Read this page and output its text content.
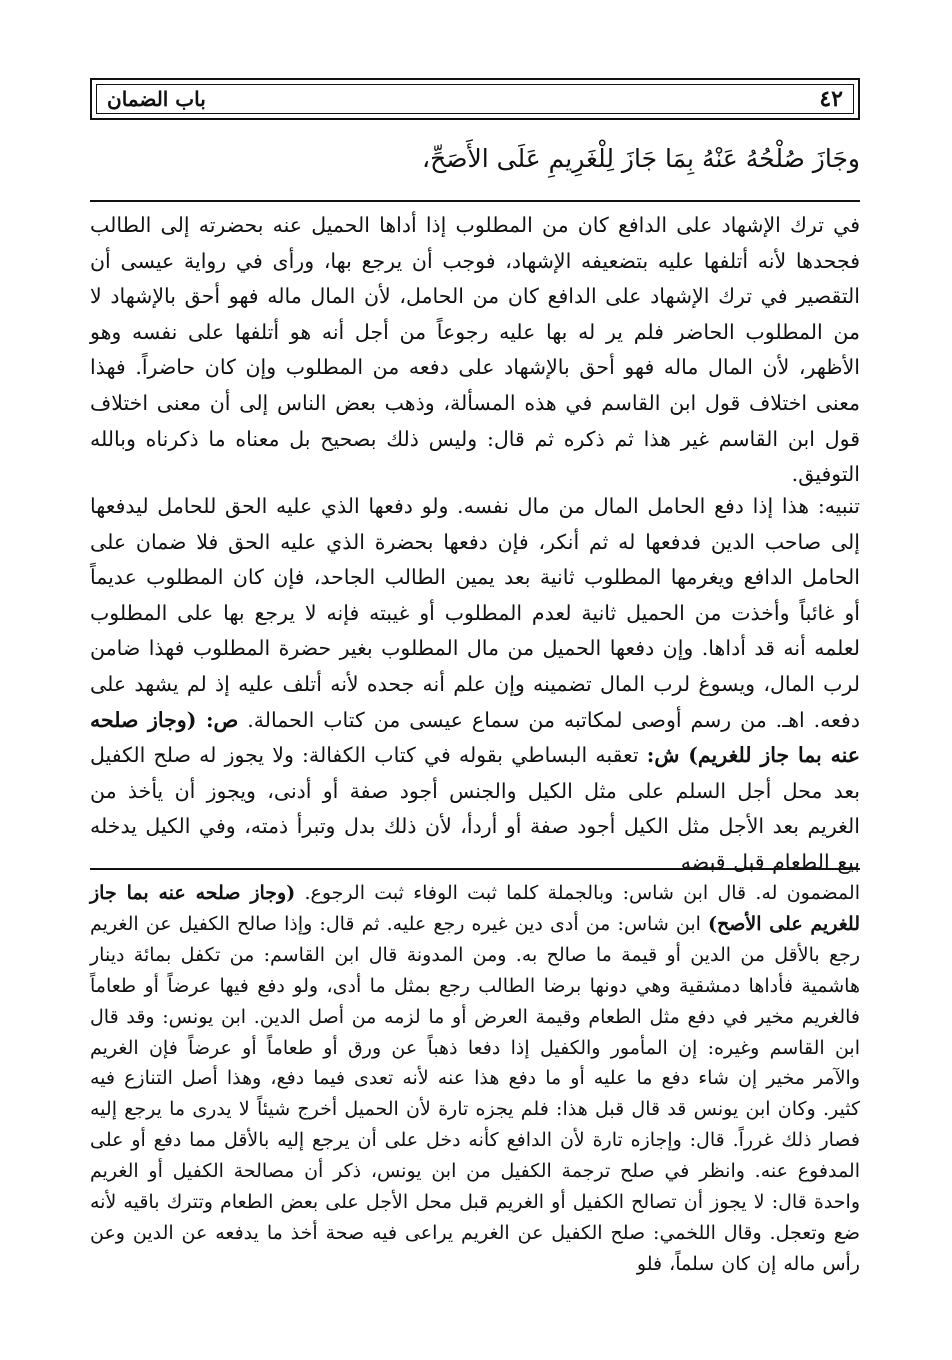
٤٢
باب الضمان
وجَازَ صُلْحُهُ عَنْهُ بِمَا جَازَ لِلْغَرِيمِ عَلَى الأَصَحِّ،
في ترك الإشهاد على الدافع كان من المطلوب إذا أداها الحميل عنه بحضرته إلى الطالب فجحدها لأنه أتلفها عليه بتضعيفه الإشهاد، فوجب أن يرجع بها، ورأى في رواية عيسى أن التقصير في ترك الإشهاد على الدافع كان من الحامل، لأن المال ماله فهو أحق بالإشهاد لا من المطلوب الحاضر فلم ير له بها عليه رجوعاً من أجل أنه هو أتلفها على نفسه وهو الأظهر، لأن المال ماله فهو أحق بالإشهاد على دفعه من المطلوب وإن كان حاضراً. فهذا معنى اختلاف قول ابن القاسم في هذه المسألة، وذهب بعض الناس إلى أن معنى اختلاف قول ابن القاسم غير هذا ثم ذكره ثم قال: وليس ذلك بصحيح بل معناه ما ذكرناه وبالله التوفيق.
تنبيه: هذا إذا دفع الحامل المال من مال نفسه. ولو دفعها الذي عليه الحق للحامل ليدفعها إلى صاحب الدين فدفعها له ثم أنكر، فإن دفعها بحضرة الذي عليه الحق فلا ضمان على الحامل الدافع ويغرمها المطلوب ثانية بعد يمين الطالب الجاحد، فإن كان المطلوب عديماً أو غائباً وأخذت من الحميل ثانية لعدم المطلوب أو غيبته فإنه لا يرجع بها على المطلوب لعلمه أنه قد أداها. وإن دفعها الحميل من مال المطلوب بغير حضرة المطلوب فهذا ضامن لرب المال، ويسوغ لرب المال تضمينه وإن علم أنه جحده لأنه أتلف عليه إذ لم يشهد على دفعه. اهـ. من رسم أوصى لمكاتبه من سماع عيسى من كتاب الحمالة. ص: (وجاز صلحه عنه بما جاز للغريم) ش: تعقبه البساطي بقوله في كتاب الكفالة: ولا يجوز له صلح الكفيل بعد محل أجل السلم على مثل الكيل والجنس أجود صفة أو أدنى، ويجوز أن يأخذ من الغريم بعد الأجل مثل الكيل أجود صفة أو أردأ، لأن ذلك بدل وتبرأ ذمته، وفي الكيل يدخله بيع الطعام قبل قبضه
المضمون له. قال ابن شاس: وبالجملة كلما ثبت الوفاء ثبت الرجوع. (وجاز صلحه عنه بما جاز للغريم على الأصح) ابن شاس: من أدى دين غيره رجع عليه. ثم قال: وإذا صالح الكفيل عن الغريم رجع بالأقل من الدين أو قيمة ما صالح به. ومن المدونة قال ابن القاسم: من تكفل بمائة دينار هاشمية فأداها دمشقية وهي دونها برضا الطالب رجع بمثل ما أدى، ولو دفع فيها عرضاً أو طعاماً فالغريم مخير في دفع مثل الطعام وقيمة العرض أو ما لزمه من أصل الدين. ابن يونس: وقد قال ابن القاسم وغيره: إن المأمور والكفيل إذا دفعا ذهباً عن ورق أو طعاماً أو عرضاً فإن الغريم والآمر مخير إن شاء دفع ما عليه أو ما دفع هذا عنه لأنه تعدى فيما دفع، وهذا أصل التنازع فيه كثير. وكان ابن يونس قد قال قبل هذا: فلم يجزه تارة لأن الحميل أخرج شيئاً لا يدرى ما يرجع إليه فصار ذلك غرراً. قال: وإجازه تارة لأن الدافع كأنه دخل على أن يرجع إليه بالأقل مما دفع أو على المدفوع عنه. وانظر في صلح ترجمة الكفيل من ابن يونس، ذكر أن مصالحة الكفيل أو الغريم واحدة قال: لا يجوز أن تصالح الكفيل أو الغريم قبل محل الأجل على بعض الطعام وتترك باقيه لأنه ضع وتعجل. وقال اللخمي: صلح الكفيل عن الغريم يراعى فيه صحة أخذ ما يدفعه عن الدين وعن رأس ماله إن كان سلماً، فلو
